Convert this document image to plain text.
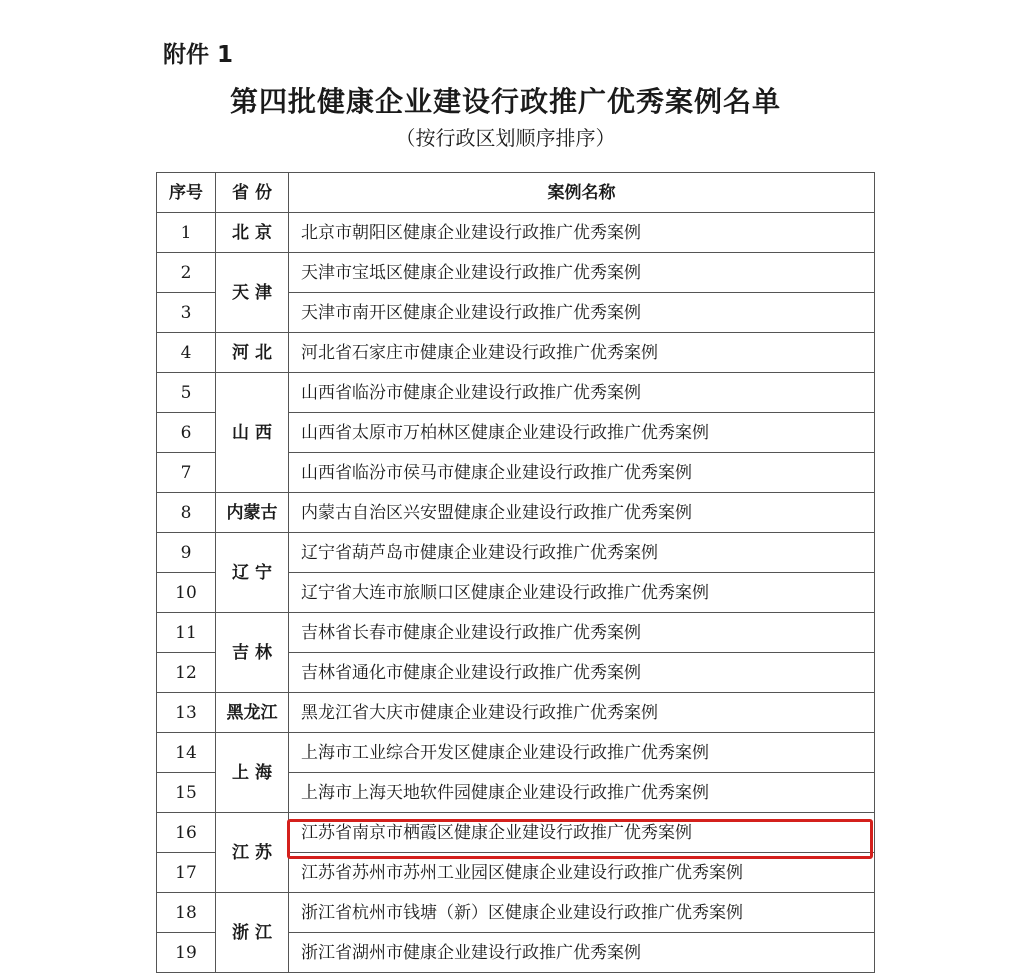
附件 1
第四批健康企业建设行政推广优秀案例名单
（按行政区划顺序排序）
序号	省 份	案例名称
1	北 京	北京市朝阳区健康企业建设行政推广优秀案例
2	天 津	天津市宝坻区健康企业建设行政推广优秀案例
3		天津市南开区健康企业建设行政推广优秀案例
4	河 北	河北省石家庄市健康企业建设行政推广优秀案例
5	山 西	山西省临汾市健康企业建设行政推广优秀案例
6		山西省太原市万柏林区健康企业建设行政推广优秀案例
7		山西省临汾市侯马市健康企业建设行政推广优秀案例
8	内蒙古	内蒙古自治区兴安盟健康企业建设行政推广优秀案例
9	辽 宁	辽宁省葫芦岛市健康企业建设行政推广优秀案例
10		辽宁省大连市旅顺口区健康企业建设行政推广优秀案例
11	吉 林	吉林省长春市健康企业建设行政推广优秀案例
12		吉林省通化市健康企业建设行政推广优秀案例
13	黑龙江	黑龙江省大庆市健康企业建设行政推广优秀案例
14	上 海	上海市工业综合开发区健康企业建设行政推广优秀案例
15		上海市上海天地软件园健康企业建设行政推广优秀案例
16	江 苏	江苏省南京市栖霞区健康企业建设行政推广优秀案例
17		江苏省苏州市苏州工业园区健康企业建设行政推广优秀案例
18	浙 江	浙江省杭州市钱塘（新）区健康企业建设行政推广优秀案例
19		浙江省湖州市健康企业建设行政推广优秀案例
